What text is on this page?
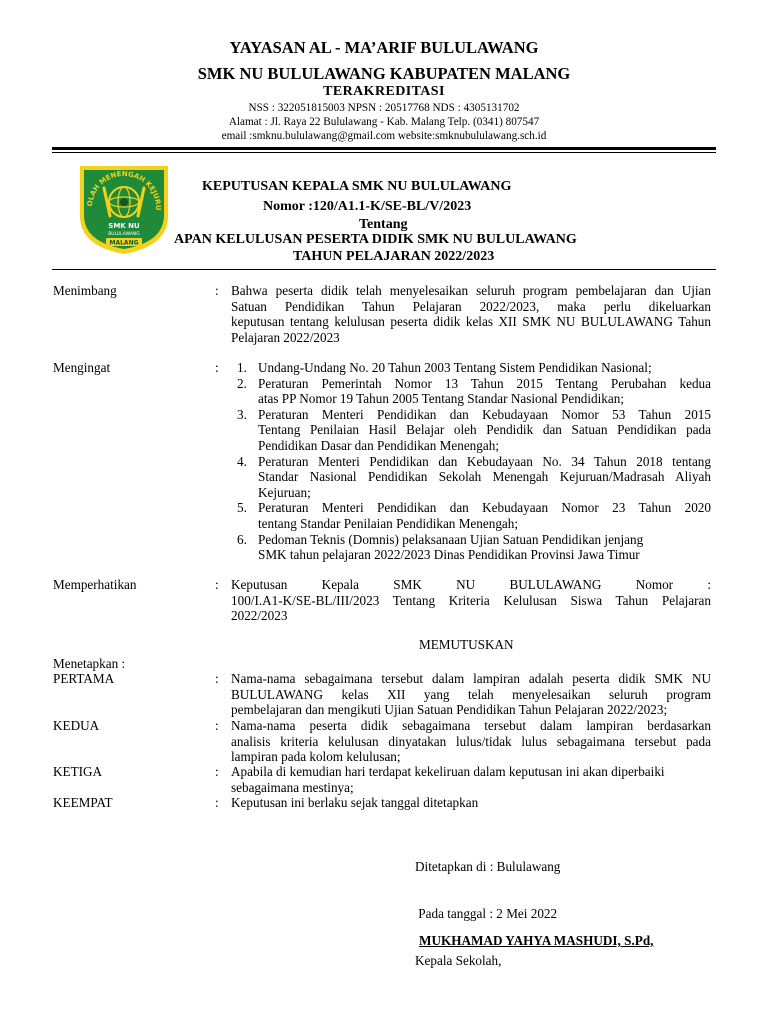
YAYASAN AL - MA’ARIF BULULAWANG
SMK NU BULULAWANG KABUPATEN MALANG
TERAKREDITASI
NSS : 322051815003 NPSN : 20517768 NDS : 4305131702
Alamat : Jl. Raya 22 Bululawang - Kab. Malang Telp. (0341) 807547
email :smknu.bululawang@gmail.com website:smknubululawang.sch.id
OLAH MENENGAH KEJURU
SMK NU
BULULAWANG
MALANG
KEPUTUSAN KEPALA SMK NU BULULAWANG
Nomor :120/A1.1-K/SE-BL/V/2023
Tentang
APAN KELULUSAN PESERTA DIDIK SMK NU BULULAWANG
TAHUN PELAJARAN 2022/2023
Menimbang	: Bahwa peserta didik telah menyelesaikan seluruh program pembelajaran dan Ujian
Satuan Pendidikan Tahun Pelajaran 2022/2023, maka perlu dikeluarkan
keputusan tentang kelulusan peserta didik kelas XII SMK NU BULULAWANG Tahun
Pelajaran 2022/2023
Mengingat	: 1. Undang-Undang No. 20 Tahun 2003 Tentang Sistem Pendidikan Nasional;
2. Peraturan Pemerintah Nomor 13 Tahun 2015 Tentang Perubahan kedua
atas PP Nomor 19 Tahun 2005 Tentang Standar Nasional Pendidikan;
3. Peraturan Menteri Pendidikan dan Kebudayaan Nomor 53 Tahun 2015
Tentang Penilaian Hasil Belajar oleh Pendidik dan Satuan Pendidikan pada
Pendidikan Dasar dan Pendidikan Menengah;
4. Peraturan Menteri Pendidikan dan Kebudayaan No. 34 Tahun 2018 tentang
Standar Nasional Pendidikan Sekolah Menengah Kejuruan/Madrasah Aliyah
Kejuruan;
5. Peraturan Menteri Pendidikan dan Kebudayaan Nomor 23 Tahun 2020
tentang Standar Penilaian Pendidikan Menengah;
6. Pedoman Teknis (Domnis) pelaksanaan Ujian Satuan Pendidikan jenjang
SMK tahun pelajaran 2022/2023 Dinas Pendidikan Provinsi Jawa Timur
Memperhatikan	: Keputusan Kepala SMK NU BULULAWANG Nomor :
100/I.A1-K/SE-BL/III/2023 Tentang Kriteria Kelulusan Siswa Tahun Pelajaran
2022/2023
MEMUTUSKAN
Menetapkan :
PERTAMA	: Nama-nama sebagaimana tersebut dalam lampiran adalah peserta didik SMK NU
BULULAWANG kelas XII yang telah menyelesaikan seluruh program
pembelajaran dan mengikuti Ujian Satuan Pendidikan Tahun Pelajaran 2022/2023;
KEDUA	: Nama-nama peserta didik sebagaimana tersebut dalam lampiran berdasarkan
analisis kriteria kelulusan dinyatakan lulus/tidak lulus sebagaimana tersebut pada
lampiran pada kolom kelulusan;
KETIGA	: Apabila di kemudian hari terdapat kekeliruan dalam keputusan ini akan diperbaiki
sebagaimana mestinya;
KEEMPAT	: Keputusan ini berlaku sejak tanggal ditetapkan

Ditetapkan di : Bululawang

Pada tanggal : 2 Mei 2022

Kepala Sekolah,

MUKHAMAD YAHYA MASHUDI, S.Pd,
